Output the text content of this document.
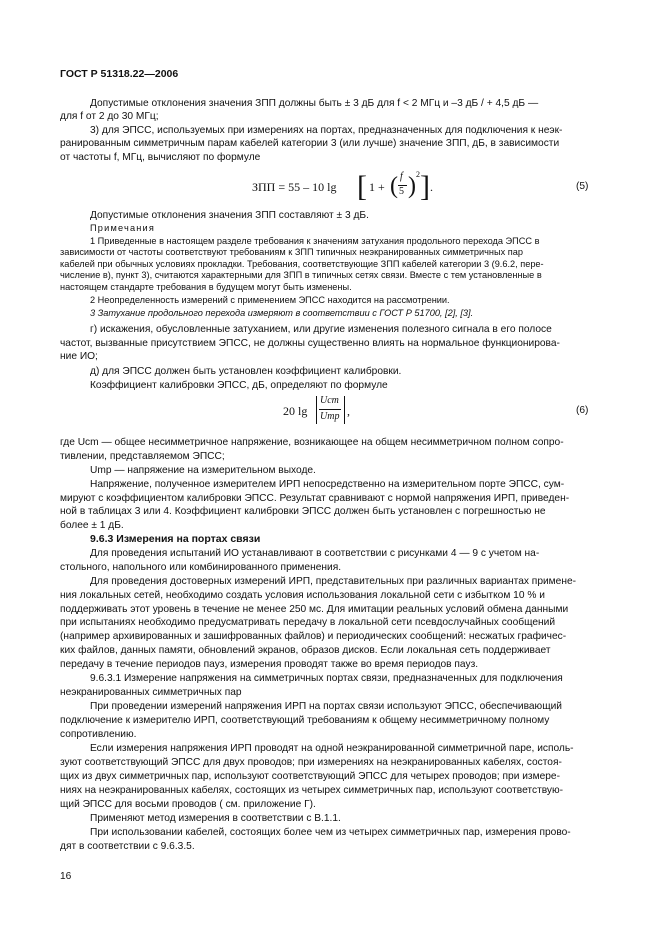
ГОСТ Р 51318.22—2006
Допустимые отклонения значения ЗПП должны быть ± 3 дБ для f < 2 МГц и –3 дБ / + 4,5 дБ —
для f от 2 до 30 МГц;
3) для ЭПСС, используемых при измерениях на портах, предназначенных для подключения к неэк-
ранированным симметричным парам кабелей категории 3 (или лучше) значение ЗПП, дБ, в зависимости
от частоты f, МГц, вычисляют по формуле
ЗПП = 55 – 10 lg [ 1 + ( f
5 ) 2 ] .	(5)
Допустимые отклонения значения ЗПП составляют ± 3 дБ.
Примечания
1 Приведенные в настоящем разделе требования к значениям затухания продольного перехода ЭПСС в
зависимости от частоты соответствуют требованиям к ЗПП типичных неэкранированных симметричных пар
кабелей при обычных условиях прокладки. Требования, соответствующие ЗПП кабелей категории 3 (9.6.2, пере-
числение в), пункт 3), считаются характерными для ЗПП в типичных сетях связи. Вместе с тем установленные в
настоящем стандарте требования в будущем могут быть изменены.
2 Неопределенность измерений с применением ЭПСС находится на рассмотрении.
3 Затухание продольного перехода измеряют в соответствии с ГОСТ Р 51700, [2], [3].
г) искажения, обусловленные затуханием, или другие изменения полезного сигнала в его полосе
частот, вызванные присутствием ЭПСС, не должны существенно влиять на нормальное функционирова-
ние ИО;
д) для ЭПСС должен быть установлен коэффициент калибровки.
Коэффициент калибровки ЭПСС, дБ, определяют по формуле
20 lg
Ucm
Ump ,	(6)
где Ucm — общее несимметричное напряжение, возникающее на общем несимметричном полном сопро-
тивлении, представляемом ЭПСС;
Ump — напряжение на измерительном выходе.
Напряжение, полученное измерителем ИРП непосредственно на измерительном порте ЭПСС, сум-
мируют с коэффициентом калибровки ЭПСС. Результат сравнивают с нормой напряжения ИРП, приведен-
ной в таблицах 3 или 4. Коэффициент калибровки ЭПСС должен быть установлен с погрешностью не
более ± 1 дБ.
9.6.3 Измерения на портах связи
Для проведения испытаний ИО устанавливают в соответствии с рисунками 4 — 9 с учетом на-
стольного, напольного или комбинированного применения.
Для проведения достоверных измерений ИРП, представительных при различных вариантах примене-
ния локальных сетей, необходимо создать условия использования локальной сети с избытком 10 % и
поддерживать этот уровень в течение не менее 250 мс. Для имитации реальных условий обмена данными
при испытаниях необходимо предусматривать передачу в локальной сети псевдослучайных сообщений
(например архивированных и зашифрованных файлов) и периодических сообщений: несжатых графичес-
ких файлов, данных памяти, обновлений экранов, образов дисков. Если локальная сеть поддерживает
передачу в течение периодов пауз, измерения проводят также во время периодов пауз.
9.6.3.1 Измерение напряжения на симметричных портах связи, предназначенных для подключения
неэкранированных симметричных пар
При проведении измерений напряжения ИРП на портах связи используют ЭПСС, обеспечивающий
подключение к измерителю ИРП, соответствующий требованиям к общему несимметричному полному
сопротивлению.
Если измерения напряжения ИРП проводят на одной неэкранированной симметричной паре, исполь-
зуют соответствующий ЭПСС для двух проводов; при измерениях на неэкранированных кабелях, состоя-
щих из двух симметричных пар, используют соответствующий ЭПСС для четырех проводов; при измере-
ниях на неэкранированных кабелях, состоящих из четырех симметричных пар, используют соответствую-
щий ЭПСС для восьми проводов ( см. приложение Г).
Применяют метод измерения в соответствии с В.1.1.
При использовании кабелей, состоящих более чем из четырех симметричных пар, измерения прово-
дят в соответствии с 9.6.3.5.
16
